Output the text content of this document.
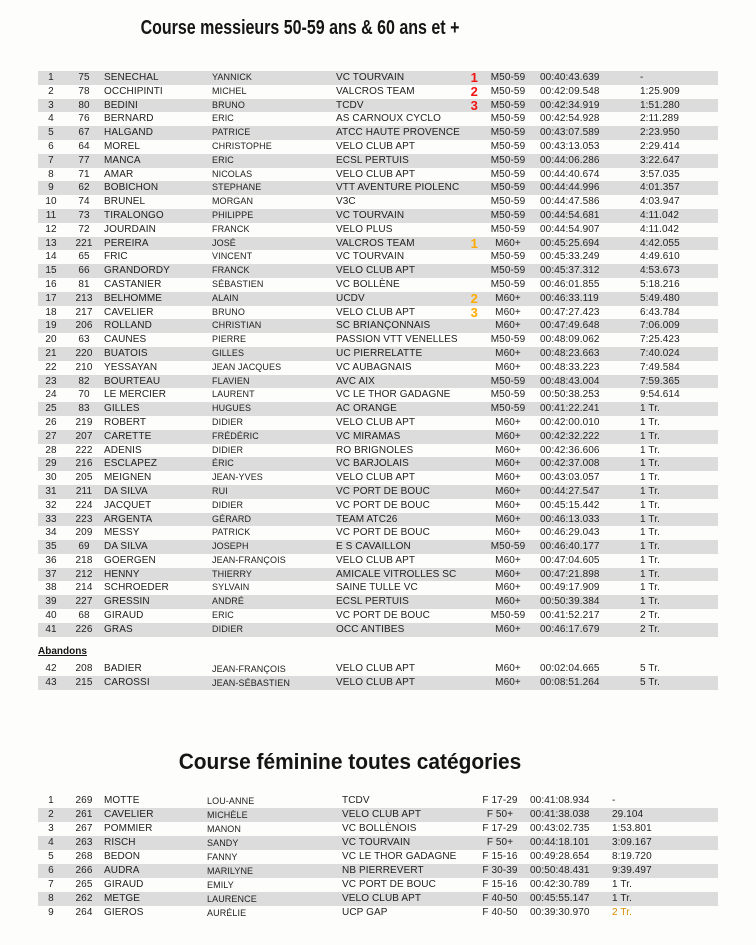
Course messieurs 50-59 ans & 60 ans et +
1	75	SENECHAL	YANNICK	VC TOURVAIN	1	M50-59	00:40:43.639	-
2	78	OCCHIPINTI	MICHEL	VALCROS TEAM	2	M50-59	00:42:09.548	1:25.909
3	80	BEDINI	BRUNO	TCDV	3	M50-59	00:42:34.919	1:51.280
4	76	BERNARD	ERIC	AS CARNOUX CYCLO	M50-59	00:42:54.928	2:11.289
5	67	HALGAND	PATRICE	ATCC HAUTE PROVENCE	M50-59	00:43:07.589	2:23.950
6	64	MOREL	CHRISTOPHE	VELO CLUB APT	M50-59	00:43:13.053	2:29.414
7	77	MANCA	ERIC	ECSL PERTUIS	M50-59	00:44:06.286	3:22.647
8	71	AMAR	NICOLAS	VELO CLUB APT	M50-59	00:44:40.674	3:57.035
9	62	BOBICHON	STEPHANE	VTT AVENTURE PIOLENC	M50-59	00:44:44.996	4:01.357
10	74	BRUNEL	MORGAN	V3C	M50-59	00:44:47.586	4:03.947
11	73	TIRALONGO	PHILIPPE	VC TOURVAIN	M50-59	00:44:54.681	4:11.042
12	72	JOURDAIN	FRANCK	VELO PLUS	M50-59	00:44:54.907	4:11.042
13	221	PEREIRA	JOSÉ	VALCROS TEAM	1	M60+	00:45:25.694	4:42.055
14	65	FRIC	VINCENT	VC TOURVAIN	M50-59	00:45:33.249	4:49.610
15	66	GRANDORDY	FRANCK	VELO CLUB APT	M50-59	00:45:37.312	4:53.673
16	81	CASTANIER	SÉBASTIEN	VC BOLLÈNE	M50-59	00:46:01.855	5:18.216
17	213	BELHOMME	ALAIN	UCDV	2	M60+	00:46:33.119	5:49.480
18	217	CAVELIER	BRUNO	VELO CLUB APT	3	M60+	00:47:27.423	6:43.784
19	206	ROLLAND	CHRISTIAN	SC BRIANÇONNAIS	M60+	00:47:49.648	7:06.009
20	63	CAUNES	PIERRE	PASSION VTT VENELLES	M50-59	00:48:09.062	7:25.423
21	220	BUATOIS	GILLES	UC PIERRELATTE	M60+	00:48:23.663	7:40.024
22	210	YESSAYAN	JEAN JACQUES	VC AUBAGNAIS	M60+	00:48:33.223	7:49.584
23	82	BOURTEAU	FLAVIEN	AVC AIX	M50-59	00:48:43.004	7:59.365
24	70	LE MERCIER	LAURENT	VC LE THOR GADAGNE	M50-59	00:50:38.253	9:54.614
25	83	GILLES	HUGUES	AC ORANGE	M50-59	00:41:22.241	1 Tr.
26	219	ROBERT	DIDIER	VELO CLUB APT	M60+	00:42:00.010	1 Tr.
27	207	CARETTE	FRÉDÉRIC	VC MIRAMAS	M60+	00:42:32.222	1 Tr.
28	222	ADENIS	DIDIER	RO BRIGNOLES	M60+	00:42:36.606	1 Tr.
29	216	ESCLAPEZ	ÉRIC	VC BARJOLAIS	M60+	00:42:37.008	1 Tr.
30	205	MEIGNEN	JEAN-YVES	VELO CLUB APT	M60+	00:43:03.057	1 Tr.
31	211	DA SILVA	RUI	VC PORT DE BOUC	M60+	00:44:27.547	1 Tr.
32	224	JACQUET	DIDIER	VC PORT DE BOUC	M60+	00:45:15.442	1 Tr.
33	223	ARGENTA	GÉRARD	TEAM ATC26	M60+	00:46:13.033	1 Tr.
34	209	MESSY	PATRICK	VC PORT DE BOUC	M60+	00:46:29.043	1 Tr.
35	69	DA SILVA	JOSEPH	E S CAVAILLON	M50-59	00:46:40.177	1 Tr.
36	218	GOERGEN	JEAN-FRANÇOIS	VELO CLUB APT	M60+	00:47:04.605	1 Tr.
37	212	HENNY	THIERRY	AMICALE VITROLLES SC	M60+	00:47:21.898	1 Tr.
38	214	SCHROEDER	SYLVAIN	SAINE TULLE VC	M60+	00:49:17.909	1 Tr.
39	227	GRESSIN	ANDRÉ	ECSL PERTUIS	M60+	00:50:39.384	1 Tr.
40	68	GIRAUD	ERIC	VC PORT DE BOUC	M50-59	00:41:52.217	2 Tr.
41	226	GRAS	DIDIER	OCC ANTIBES	M60+	00:46:17.679	2 Tr.
Abandons
42	208	BADIER	JEAN-FRANÇOIS	VELO CLUB APT	M60+	00:02:04.665	5 Tr.
43	215	CAROSSI	JEAN-SÉBASTIEN	VELO CLUB APT	M60+	00:08:51.264	5 Tr.
Course féminine toutes catégories
1	269	MOTTE	LOU-ANNE	TCDV	F 17-29	00:41:08.934	-
2	261	CAVELIER	MICHÈLE	VELO CLUB APT	F 50+	00:41:38.038	29.104
3	267	POMMIER	MANON	VC BOLLÈNOIS	F 17-29	00:43:02.735	1:53.801
4	263	RISCH	SANDY	VC TOURVAIN	F 50+	00:44:18.101	3:09.167
5	268	BEDON	FANNY	VC LE THOR GADAGNE	F 15-16	00:49:28.654	8:19.720
6	266	AUDRA	MARILYNE	NB PIERREVERT	F 30-39	00:50:48.431	9:39.497
7	265	GIRAUD	EMILY	VC PORT DE BOUC	F 15-16	00:42:30.789	1 Tr.
8	262	METGE	LAURENCE	VELO CLUB APT	F 40-50	00:45:55.147	1 Tr.
9	264	GIEROS	AURÉLIE	UCP GAP	F 40-50	00:39:30.970	2 Tr.
